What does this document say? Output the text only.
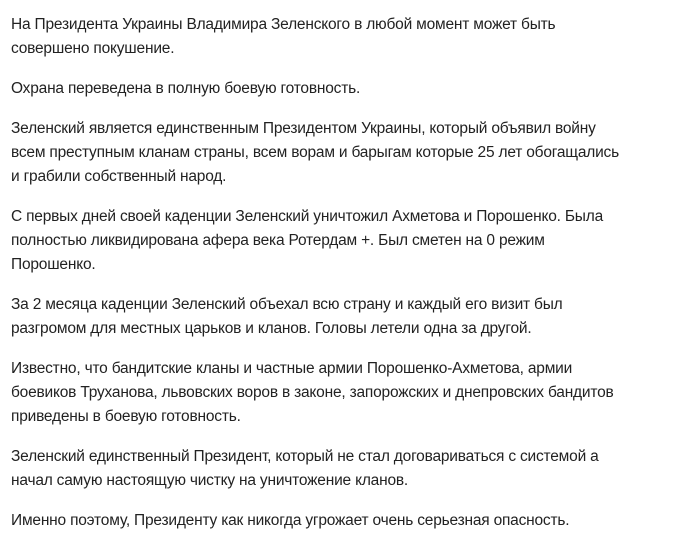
На Президента Украины Владимира Зеленского в любой момент может быть
совершено покушение.

Охрана переведена в полную боевую готовность.

Зеленский является единственным Президентом Украины, который объявил войну
всем преступным кланам страны, всем ворам и барыгам которые 25 лет обогащались
и грабили собственный народ.

С первых дней своей каденции Зеленский уничтожил Ахметова и Порошенко. Была
полностью ликвидирована афера века Ротердам +. Был сметен на 0 режим
Порошенко.

За 2 месяца каденции Зеленский объехал всю страну и каждый его визит был
разгромом для местных царьков и кланов. Головы летели одна за другой.

Известно, что бандитские кланы и частные армии Порошенко-Ахметова, армии
боевиков Труханова, львовских воров в законе, запорожских и днепровских бандитов
приведены в боевую готовность.

Зеленский единственный Президент, который не стал договариваться с системой а
начал самую настоящую чистку на уничтожение кланов.

Именно поэтому, Президенту как никогда угрожает очень серьезная опасность.
